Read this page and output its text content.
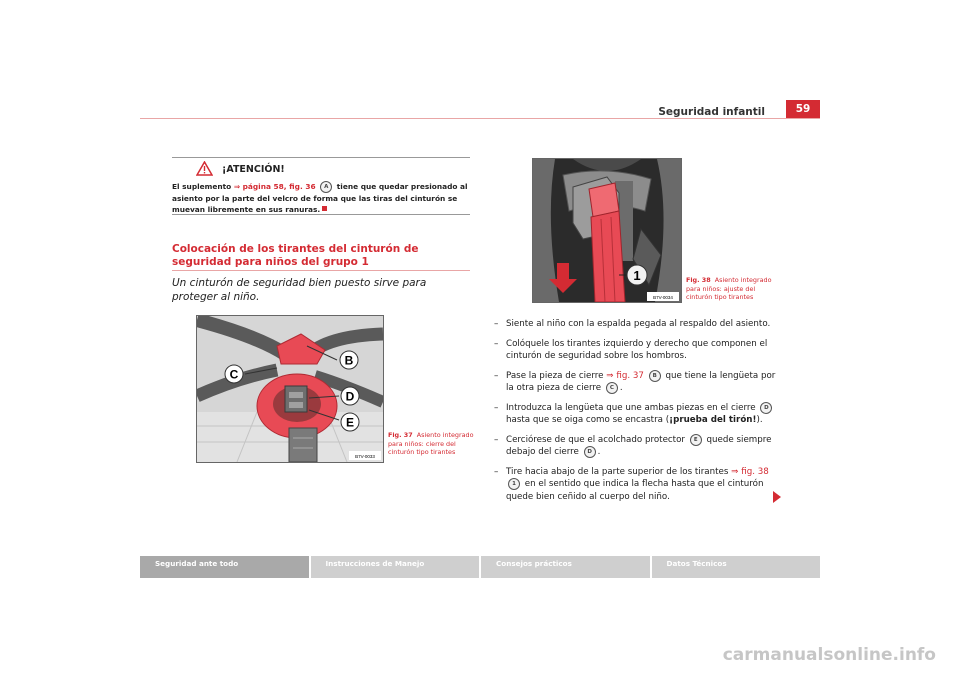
Seguridad infantil	59
¡ATENCIÓN!
El suplemento ⇒ página 58, fig. 36 A tiene que quedar presionado al asiento por la parte del velcro de forma que las tiras del cinturón se muevan libremente en sus ranuras.
Colocación de los tirantes del cinturón de seguridad para niños del grupo 1
Un cinturón de seguridad bien puesto sirve para proteger al niño.
B
C
D
E
B7V-0033
Fig. 37 Asiento integrado para niños: cierre del cinturón tipo tirantes
1
B7V-0034
Fig. 38 Asiento integrado para niños: ajuste del cinturón tipo tirantes
– Siente al niño con la espalda pegada al respaldo del asiento.
– Colóquele los tirantes izquierdo y derecho que componen el cinturón de seguridad sobre los hombros.
– Pase la pieza de cierre ⇒ fig. 37 B que tiene la lengüeta por la otra pieza de cierre C .
– Introduzca la lengüeta que une ambas piezas en el cierre D hasta que se oiga como se encastra (¡prueba del tirón!).
– Cerciórese de que el acolchado protector E quede siempre debajo del cierre D .
– Tire hacia abajo de la parte superior de los tirantes ⇒ fig. 38 1 en el sentido que indica la flecha hasta que el cinturón quede bien ceñido al cuerpo del niño.
Seguridad ante todo	Instrucciones de Manejo	Consejos prácticos	Datos Técnicos
carmanualsonline.info
